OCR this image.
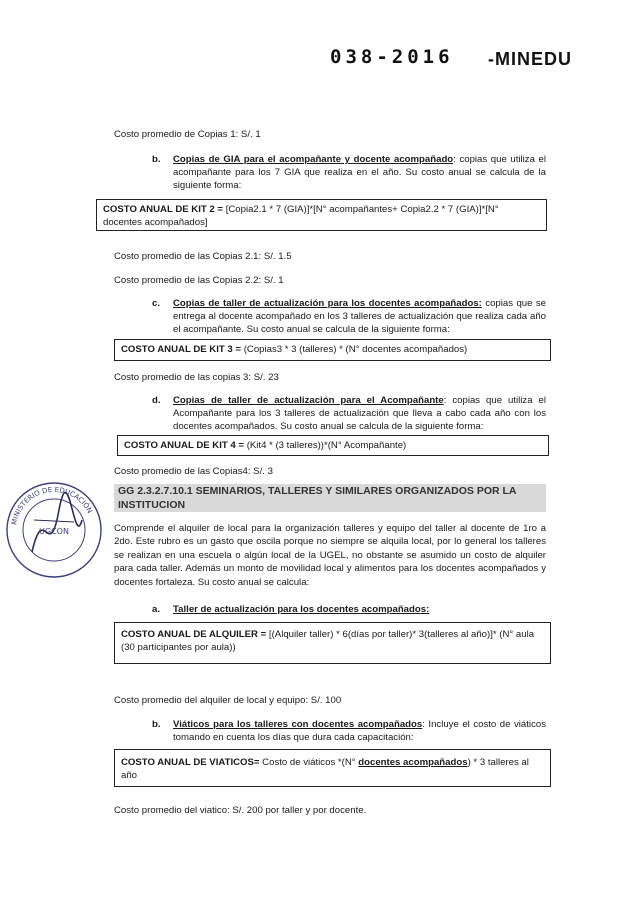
038-2016 -MINEDU
Costo promedio de Copias 1: S/. 1
b. Copias de GIA para el acompañante y docente acompañado: copias que utiliza el acompañante para los 7 GIA que realiza en el año. Su costo anual se calcula de la siguiente forma:
COSTO ANUAL DE KIT 2 = [Copia2.1 * 7 (GIA)]*[N° acompañantes+ Copia2.2 * 7 (GIA)]*[N° docentes acompañados]
Costo promedio de las Copias 2.1: S/. 1.5
Costo promedio de las Copias 2.2: S/. 1
c. Copias de taller de actualización para los docentes acompañados: copias que se entrega al docente acompañado en los 3 talleres de actualización que realiza cada año el acompañante. Su costo anual se calcula de la siguiente forma:
COSTO ANUAL DE KIT 3 = (Copias3 * 3 (talleres) * (N° docentes acompañados)
Costo promedio de las copias 3: S/. 23
d. Copias de taller de actualización para el Acompañante: copias que utiliza el Acompañante para los 3 talleres de actualización que lleva a cabo cada año con los docentes acompañados. Su costo anual se calcula de la siguiente forma:
COSTO ANUAL DE KIT 4 = (Kit4 * (3 talleres))*(N° Acompañante)
Costo promedio de las Copias4: S/. 3
GG 2.3.2.7.10.1 SEMINARIOS, TALLERES Y SIMILARES ORGANIZADOS POR LA INSTITUCION
MINISTERIO DE EDUCACIÓN
UGCON	Comprende el alquiler de local para la organización talleres y equipo del taller al docente de 1ro a 2do. Este rubro es un gasto que oscila porque no siempre se alquila local, por lo general los talleres se realizan en una escuela o algún local de la UGEL, no obstante se asumido un costo de alquiler para cada taller. Además un monto de movilidad local y alimentos para los docentes acompañados y docentes fortaleza. Su costo anual se calcula:
a. Taller de actualización para los docentes acompañados:
COSTO ANUAL DE ALQUILER = [(Alquiler taller) * 6(días por taller)* 3(talleres al año)]* (N° aula (30 participantes por aula))
Costo promedio del alquiler de local y equipo: S/. 100
b. Viáticos para los talleres con docentes acompañados: Incluye el costo de viáticos tomando en cuenta los días que dura cada capacitación:
COSTO ANUAL DE VIATICOS= Costo de viáticos *(N° docentes acompañados) * 3 talleres al año
Costo promedio del viatico: S/. 200 por taller y por docente.
